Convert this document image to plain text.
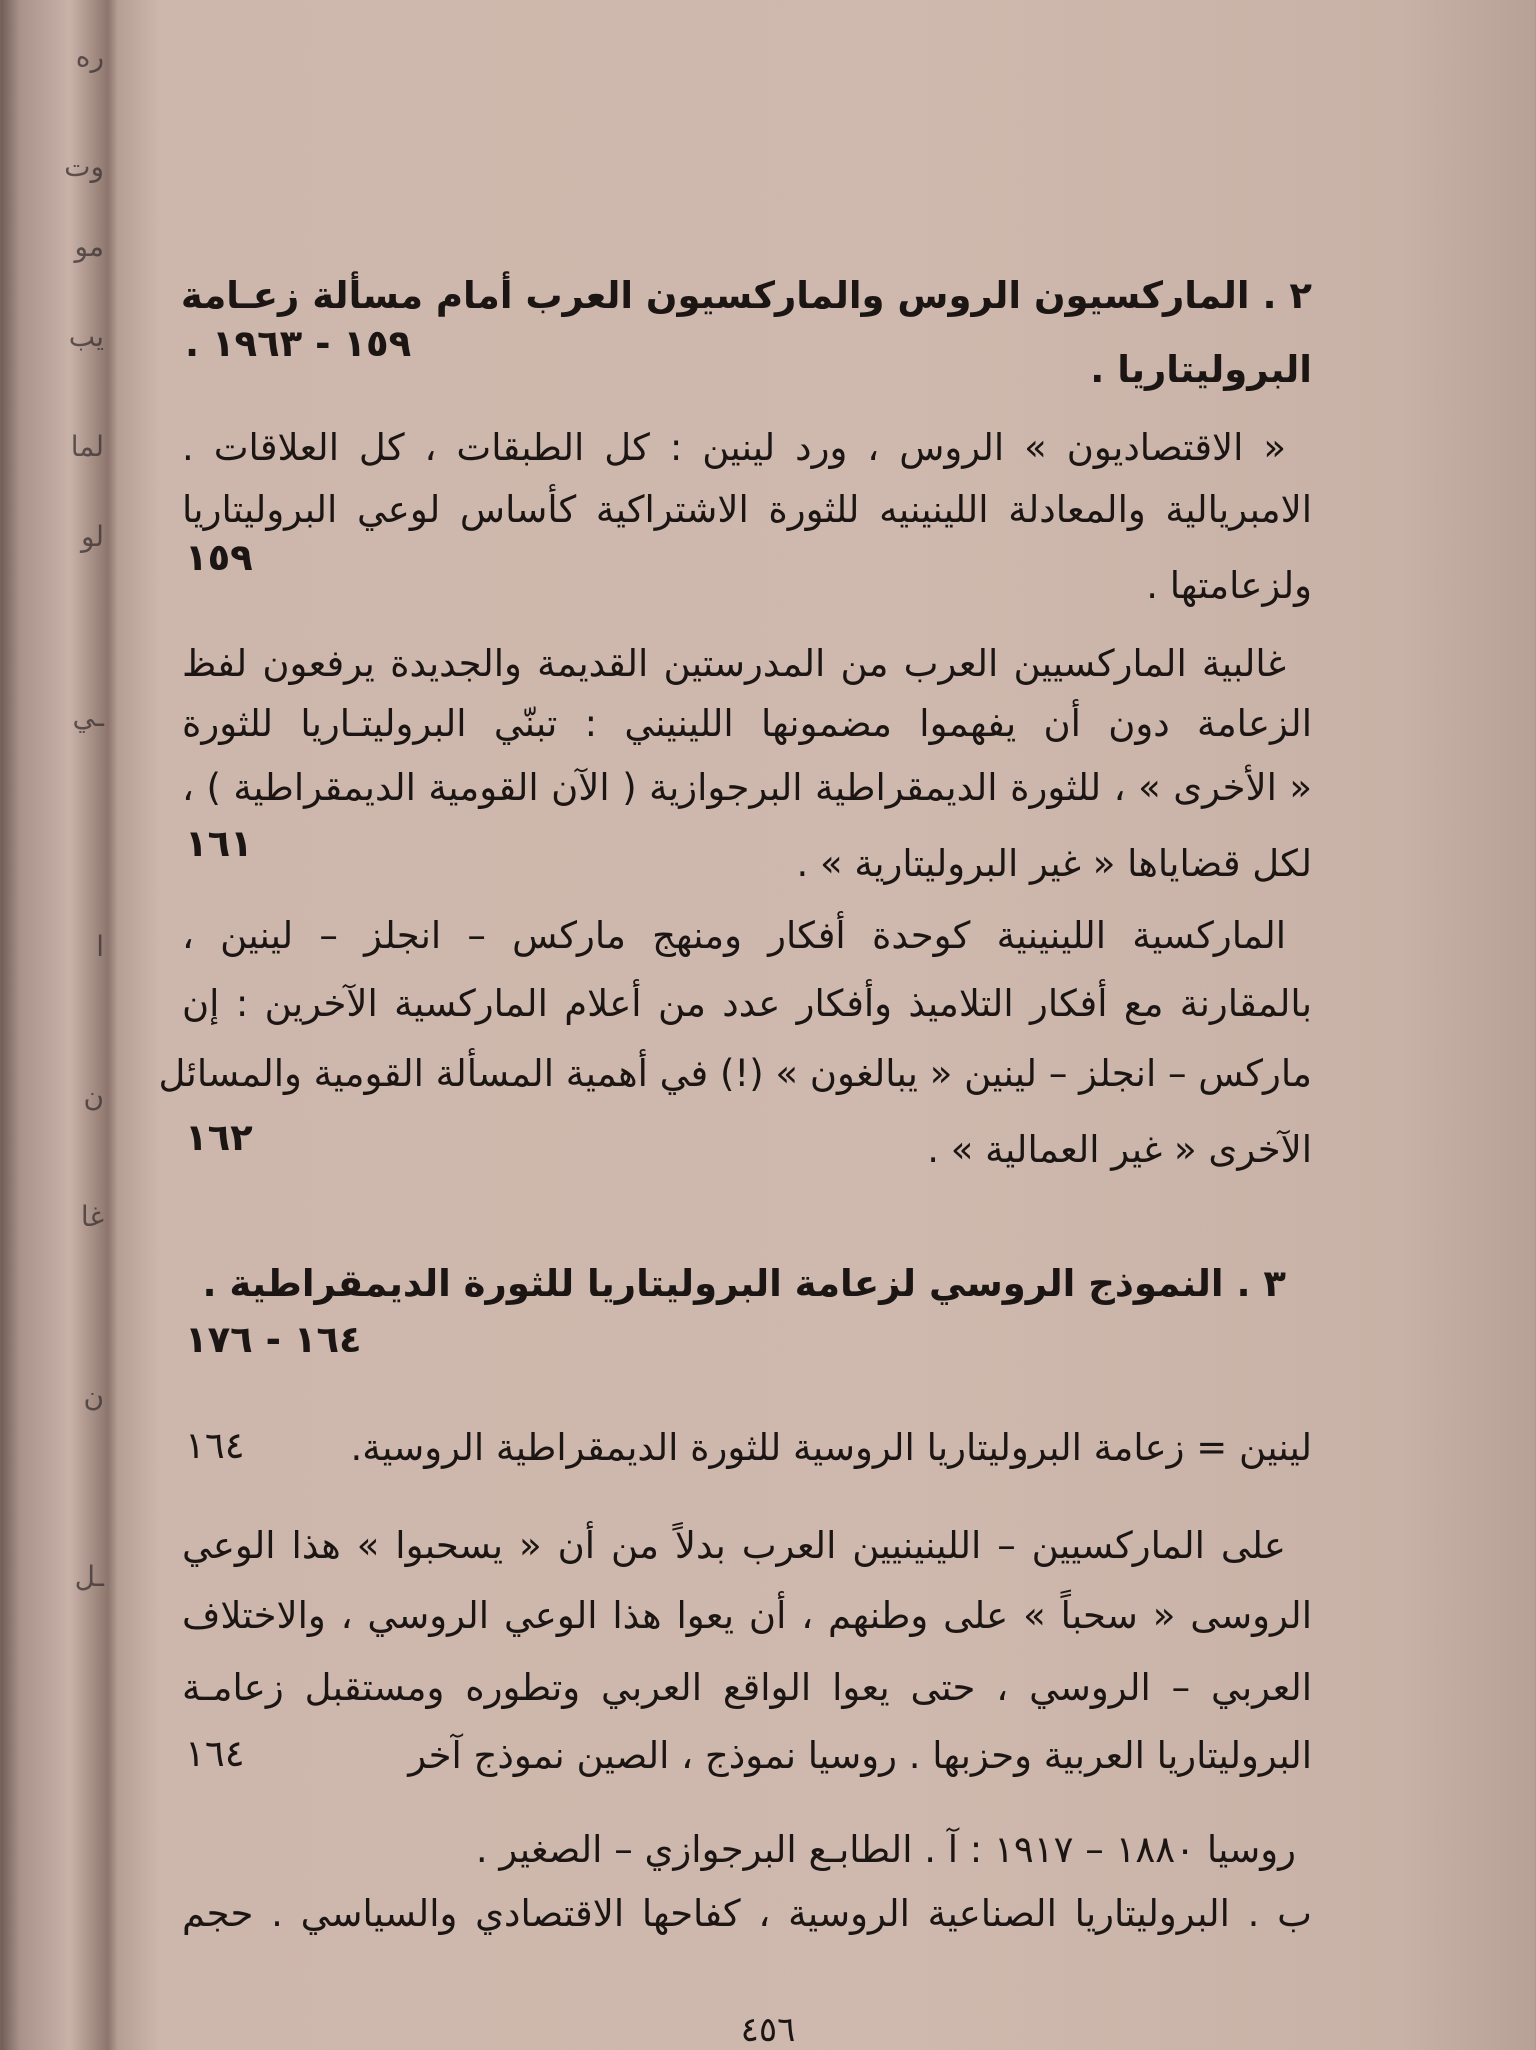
ره
وت
مو
يب
لما
لو
ـي
ا
ن
غا
ن
ـل
٢ . الماركسيون الروس والماركسيون العرب أمام مسألة زعـامة
١٥٩ - ١٩٦٣ .
البروليتاريا .
« الاقتصاديون » الروس ، ورد لينين : كل الطبقات ، كل العلاقات .
الامبريالية والمعادلة اللينينيه للثورة الاشتراكية كأساس لوعي البروليتاريا
١٥٩
ولزعامتها .
غالبية الماركسيين العرب من المدرستين القديمة والجديدة يرفعون لفظ
الزعامة دون أن يفهموا مضمونها اللينيني : تبنّي البروليتـاريا للثورة
« الأخرى » ، للثورة الديمقراطية البرجوازية ( الآن القومية الديمقراطية ) ،
١٦١	لكل قضاياها « غير البروليتارية » .
الماركسية اللينينية كوحدة أفكار ومنهج ماركس – انجلز – لينين ،
بالمقارنة مع أفكار التلاميذ وأفكار عدد من أعلام الماركسية الآخرين : إن
ماركس – انجلز – لينين « يبالغون » (!) في أهمية المسألة القومية والمسائل
١٦٢	الآخرى « غير العمالية » .
٣ . النموذج الروسي لزعامة البروليتاريا للثورة الديمقراطية .
١٦٤ - ١٧٦
لينين = زعامة البروليتاريا الروسية للثورة الديمقراطية الروسية.
١٦٤
على الماركسيين – اللينينيين العرب بدلاً من أن « يسحبوا » هذا الوعي
الروسى « سحباً » على وطنهم ، أن يعوا هذا الوعي الروسي ، والاختلاف
العربي – الروسي ، حتى يعوا الواقع العربي وتطوره ومستقبل زعامـة
البروليتاريا العربية وحزبها . روسيا نموذج ، الصين نموذج آخر
١٦٤
روسيا ١٨٨٠ – ١٩١٧ : آ . الطابـع البرجوازي – الصغير .
ب . البروليتاريا الصناعية الروسية ، كفاحها الاقتصادي والسياسي . حجم
٤٥٦
